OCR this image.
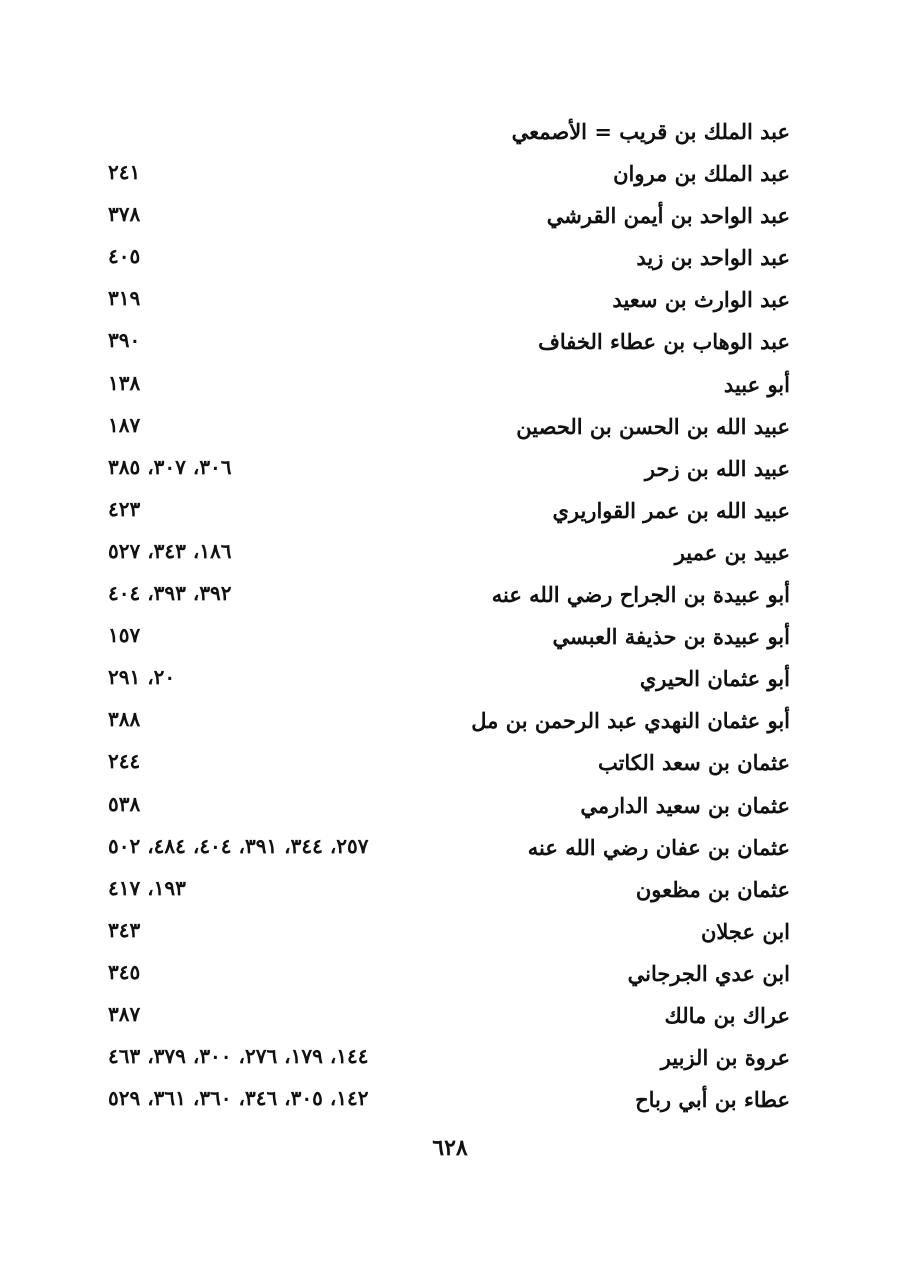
عبد الملك بن قريب = الأصمعي
عبد الملك بن مروان
٢٤١
عبد الواحد بن أيمن القرشي
٣٧٨
عبد الواحد بن زيد
٤٠٥
عبد الوارث بن سعيد
٣١٩
عبد الوهاب بن عطاء الخفاف
٣٩٠
أبو عبيد
١٣٨
عبيد الله بن الحسن بن الحصين
١٨٧
عبيد الله بن زحر
٣٠٦، ٣٠٧، ٣٨٥
عبيد الله بن عمر القواريري
٤٢٣
عبيد بن عمير
١٨٦، ٣٤٣، ٥٢٧
أبو عبيدة بن الجراح رضي الله عنه
٣٩٢، ٣٩٣، ٤٠٤
أبو عبيدة بن حذيفة العبسي
١٥٧
أبو عثمان الحيري
٢٠، ٢٩١
أبو عثمان النهدي عبد الرحمن بن مل
٣٨٨
عثمان بن سعد الكاتب
٢٤٤
عثمان بن سعيد الدارمي
٥٣٨
عثمان بن عفان رضي الله عنه
٢٥٧، ٣٤٤، ٣٩١، ٤٠٤، ٤٨٤، ٥٠٢
عثمان بن مظعون
١٩٣، ٤١٧
ابن عجلان
٣٤٣
ابن عدي الجرجاني
٣٤٥
عراك بن مالك
٣٨٧
عروة بن الزبير
١٤٤، ١٧٩، ٢٧٦، ٣٠٠، ٣٧٩، ٤٦٣
عطاء بن أبي رباح
١٤٢، ٣٠٥، ٣٤٦، ٣٦٠، ٣٦١، ٥٢٩
٦٢٨
